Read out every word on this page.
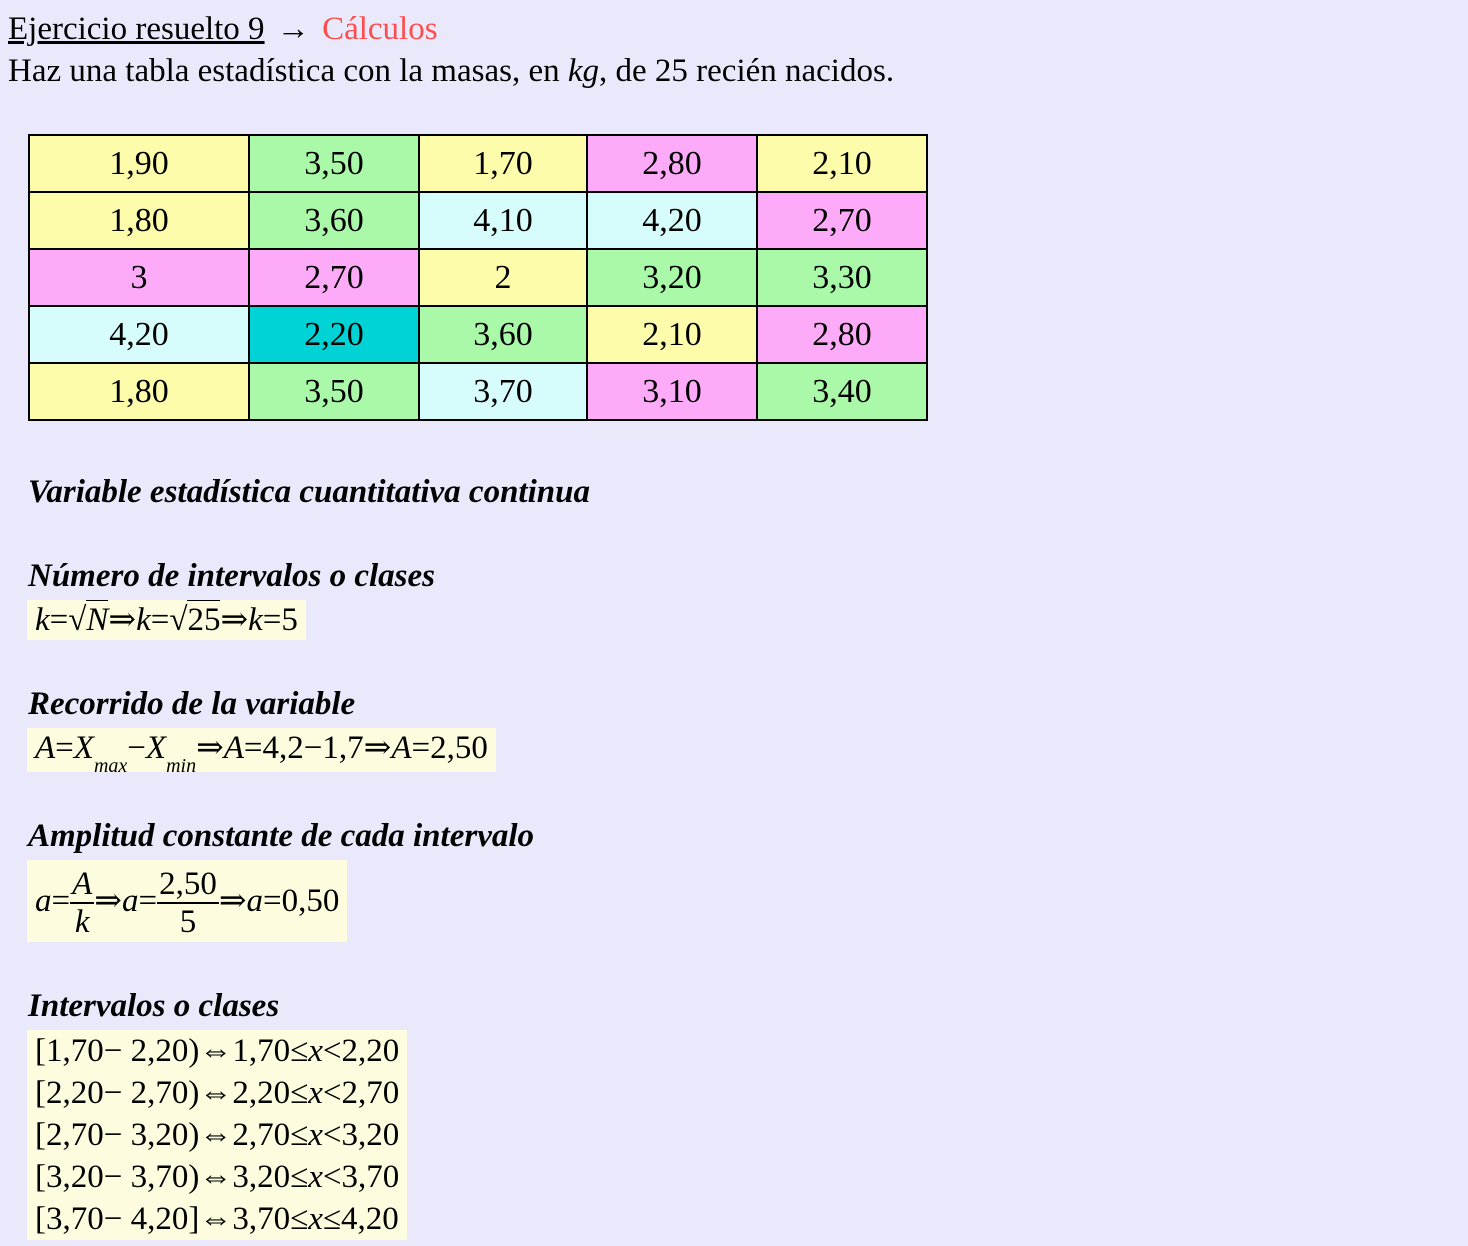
Ejercicio resuelto 9 → Cálculos
Haz una tabla estadística con la masas, en kg, de 25 recién nacidos.
1,90	3,50	1,70	2,80	2,10
1,80	3,60	4,10	4,20	2,70
3	2,70	2	3,20	3,30
4,20	2,20	3,60	2,10	2,80
1,80	3,50	3,70	3,10	3,40
Variable estadística cuantitativa continua
Número de intervalos o clases
k=√N⇒k=√25⇒k=5
Recorrido de la variable
$A=X_{max}-X_{min}\Rightarrow A=4,2-1,7\Rightarrow A=2,50$
Amplitud constante de cada intervalo
$a= \frac{A}{k}$ ⇒a= $\frac{2,50}{5}$ ⇒a=0,50
Intervalos o clases
[1,70− 2,20)⇔1,70≤x<2,20
[2,20− 2,70)⇔2,20≤x<2,70
[2,70− 3,20)⇔2,70≤x<3,20
[3,20− 3,70)⇔3,20≤x<3,70
[3,70− 4,20]⇔3,70≤x≤4,20
